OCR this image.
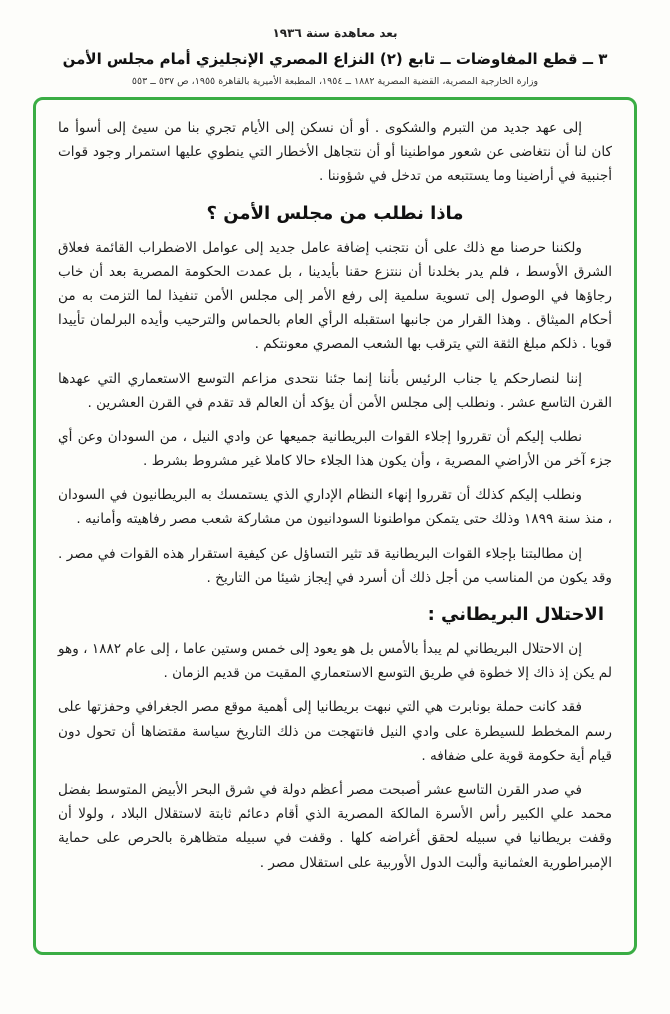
بعد معاهدة سنة ١٩٣٦
٣ ــ قطع المفاوضات ــ تابع (٢) النزاع المصري الإنجليزي أمام مجلس الأمن
وزارة الخارجية المصرية، القضية المصرية ١٨٨٢ ــ ١٩٥٤، المطبعة الأميرية بالقاهرة ١٩٥٥، ص ٥٣٧ ــ ٥٥٣

إلى عهد جديد من التبرم والشكوى . أو أن نسكن إلى الأيام تجري بنا من سيئ إلى أسوأ ما كان لنا أن نتغاضى عن شعور مواطنينا أو أن نتجاهل الأخطار التي ينطوي عليها استمرار وجود قوات أجنبية في أراضينا وما يستتبعه من تدخل في شؤوننا .

ماذا نطلب من مجلس الأمن ؟

ولكننا حرصنا مع ذلك على أن نتجنب إضافة عامل جديد إلى عوامل الاضطراب القائمة فعلاق الشرق الأوسط ، فلم يدر بخلدنا أن ننتزع حقنا بأيدينا ، بل عمدت الحكومة المصرية بعد أن خاب رجاؤها في الوصول إلى تسوية سلمية إلى رفع الأمر إلى مجلس الأمن تنفيذا لما التزمت به من أحكام الميثاق . وهذا القرار من جانبها استقبله الرأي العام بالحماس والترحيب وأيده البرلمان تأييدا قويا . ذلكم مبلغ الثقة التي يترقب بها الشعب المصري معونتكم .

إننا لنصارحكم يا جناب الرئيس بأننا إنما جئنا نتحدى مزاعم التوسع الاستعماري التي عهدها القرن التاسع عشر . ونطلب إلى مجلس الأمن أن يؤكد أن العالم قد تقدم في القرن العشرين .

نطلب إليكم أن تقرروا إجلاء القوات البريطانية جميعها عن وادي النيل ، من السودان وعن أي جزء آخر من الأراضي المصرية ، وأن يكون هذا الجلاء حالا كاملا غير مشروط بشرط .

ونطلب إليكم كذلك أن تقرروا إنهاء النظام الإداري الذي يستمسك به البريطانيون في السودان ، منذ سنة ١٨٩٩ وذلك حتى يتمكن مواطنونا السودانيون من مشاركة شعب مصر رفاهيته وأمانيه .

إن مطالبتنا بإجلاء القوات البريطانية قد تثير التساؤل عن كيفية استقرار هذه القوات في مصر . وقد يكون من المناسب من أجل ذلك أن أسرد في إيجاز شيئا من التاريخ .

الاحتلال البريطاني :

إن الاحتلال البريطاني لم يبدأ بالأمس بل هو يعود إلى خمس وستين عاما ، إلى عام ١٨٨٢ ، وهو لم يكن إذ ذاك إلا خطوة في طريق التوسع الاستعماري المقيت من قديم الزمان .

فقد كانت حملة بونابرت هي التي نبهت بريطانيا إلى أهمية موقع مصر الجغرافي وحفزتها على رسم المخطط للسيطرة على وادي النيل فانتهجت من ذلك التاريخ سياسة مقتضاها أن تحول دون قيام أية حكومة قوية على ضفافه .

في صدر القرن التاسع عشر أصبحت مصر أعظم دولة في شرق البحر الأبيض المتوسط بفضل محمد علي الكبير رأس الأسرة المالكة المصرية الذي أقام دعائم ثابتة لاستقلال البلاد ، ولولا أن وقفت بريطانيا في سبيله لحقق أغراضه كلها . وقفت في سبيله متظاهرة بالحرص على حماية الإمبراطورية العثمانية وألبت الدول الأوربية على استقلال مصر .
